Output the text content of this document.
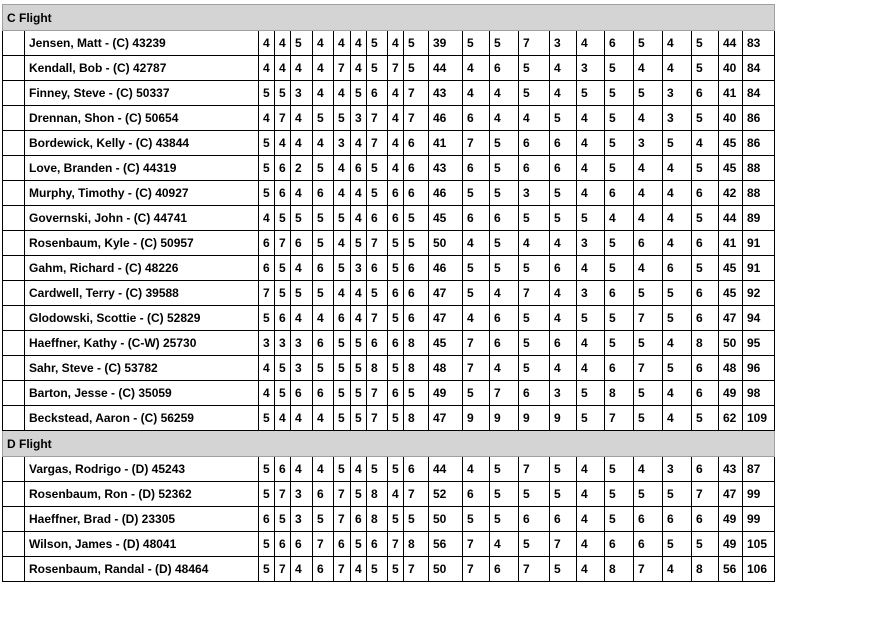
C Flight																						
	Jensen, Matt - (C) 43239	4	4	5	4	4	4	5	4	5	39	5	5	7	3	4	6	5	4	5	44	83
	Kendall, Bob - (C) 42787	4	4	4	4	7	4	5	7	5	44	4	6	5	4	3	5	4	4	5	40	84
	Finney, Steve - (C) 50337	5	5	3	4	4	5	6	4	7	43	4	4	5	4	5	5	5	3	6	41	84
	Drennan, Shon - (C) 50654	4	7	4	5	5	3	7	4	7	46	6	4	4	5	4	5	4	3	5	40	86
	Bordewick, Kelly - (C) 43844	5	4	4	4	3	4	7	4	6	41	7	5	6	6	4	5	3	5	4	45	86
	Love, Branden - (C) 44319	5	6	2	5	4	6	5	4	6	43	6	5	6	6	4	5	4	4	5	45	88
	Murphy, Timothy - (C) 40927	5	6	4	6	4	4	5	6	6	46	5	5	3	5	4	6	4	4	6	42	88
	Governski, John - (C) 44741	4	5	5	5	5	4	6	6	5	45	6	6	5	5	5	4	4	4	5	44	89
	Rosenbaum, Kyle - (C) 50957	6	7	6	5	4	5	7	5	5	50	4	5	4	4	3	5	6	4	6	41	91
	Gahm, Richard - (C) 48226	6	5	4	6	5	3	6	5	6	46	5	5	5	6	4	5	4	6	5	45	91
	Cardwell, Terry - (C) 39588	7	5	5	5	4	4	5	6	6	47	5	4	7	4	3	6	5	5	6	45	92
	Glodowski, Scottie - (C) 52829	5	6	4	4	6	4	7	5	6	47	4	6	5	4	5	5	7	5	6	47	94
	Haeffner, Kathy - (C-W) 25730	3	3	3	6	5	5	6	6	8	45	7	6	5	6	4	5	5	4	8	50	95
	Sahr, Steve - (C) 53782	4	5	3	5	5	5	8	5	8	48	7	4	5	4	4	6	7	5	6	48	96
	Barton, Jesse - (C) 35059	4	5	6	6	5	5	7	6	5	49	5	7	6	3	5	8	5	4	6	49	98
	Beckstead, Aaron - (C) 56259	5	4	4	4	5	5	7	5	8	47	9	9	9	9	5	7	5	4	5	62	109
D Flight																						
	Vargas, Rodrigo - (D) 45243	5	6	4	4	5	4	5	5	6	44	4	5	7	5	4	5	4	3	6	43	87
	Rosenbaum, Ron - (D) 52362	5	7	3	6	7	5	8	4	7	52	6	5	5	5	4	5	5	5	7	47	99
	Haeffner, Brad - (D) 23305	6	5	3	5	7	6	8	5	5	50	5	5	6	6	4	5	6	6	6	49	99
	Wilson, James - (D) 48041	5	6	6	7	6	5	6	7	8	56	7	4	5	7	4	6	6	5	5	49	105
	Rosenbaum, Randal - (D) 48464	5	7	4	6	7	4	5	5	7	50	7	6	7	5	4	8	7	4	8	56	106
